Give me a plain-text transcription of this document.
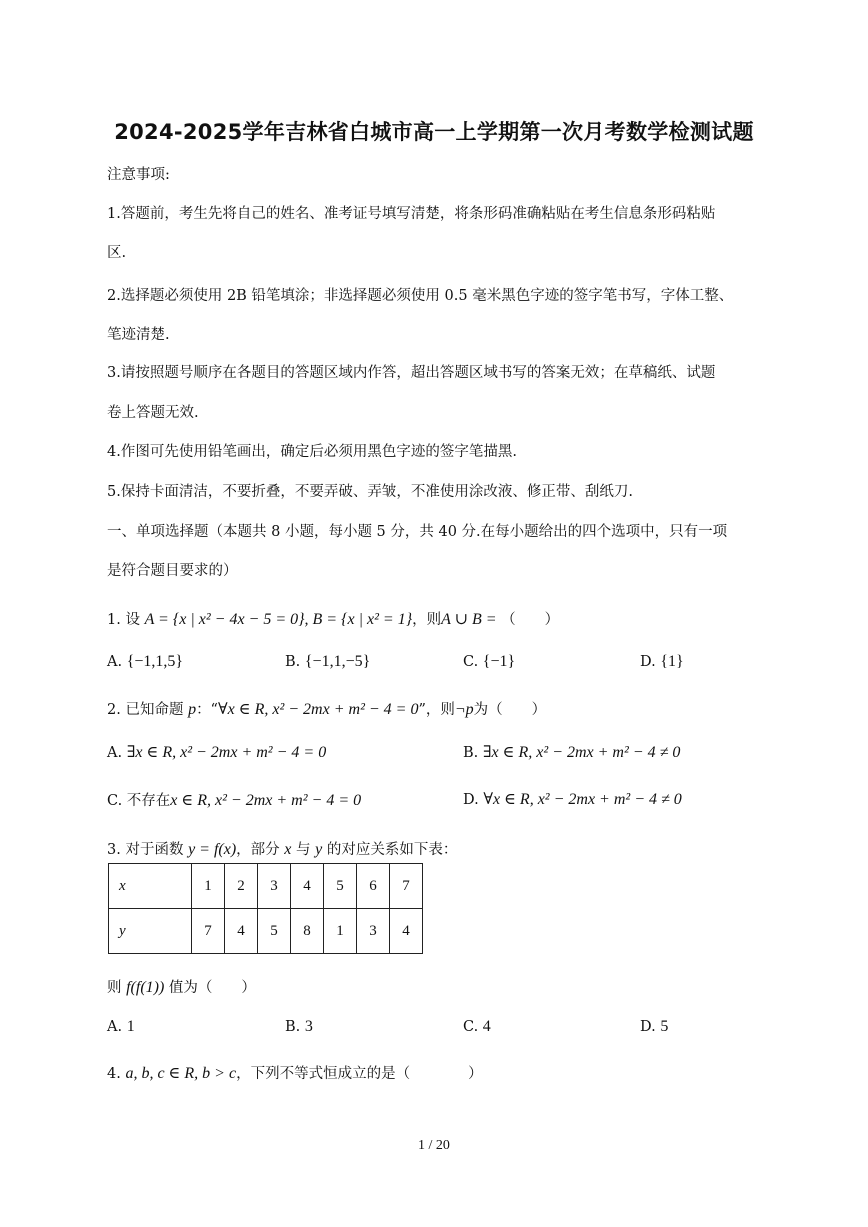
2024-2025学年吉林省白城市高一上学期第一次月考数学检测试题
注意事项:
1.答题前，考生先将自己的姓名、准考证号填写清楚，将条形码准确粘贴在考生信息条形码粘贴
区.
2.选择题必须使用 2B 铅笔填涂；非选择题必须使用 0.5 毫米黑色字迹的签字笔书写，字体工整、
笔迹清楚.
3.请按照题号顺序在各题目的答题区域内作答，超出答题区域书写的答案无效；在草稿纸、试题
卷上答题无效.
4.作图可先使用铅笔画出，确定后必须用黑色字迹的签字笔描黑.
5.保持卡面清洁，不要折叠，不要弄破、弄皱，不准使用涂改液、修正带、刮纸刀.
一、单项选择题（本题共 8 小题，每小题 5 分，共 40 分.在每小题给出的四个选项中，只有一项
是符合题目要求的）
1. 设 A = {x | x² − 4x − 5 = 0}, B = {x | x² = 1}，则A ∪ B = （　　）
A. {−1,1,5}	B. {−1,1,−5}	C. {−1}	D. {1}
2. 已知命题 p：“∀x ∈ R, x² − 2mx + m² − 4 = 0”，则¬p为（　　）
A. ∃x ∈ R, x² − 2mx + m² − 4 = 0	B. ∃x ∈ R, x² − 2mx + m² − 4 ≠ 0
C. 不存在x ∈ R, x² − 2mx + m² − 4 = 0	D. ∀x ∈ R, x² − 2mx + m² − 4 ≠ 0
3. 对于函数 y = f(x)，部分 x 与 y 的对应关系如下表：
x	1	2	3	4	5	6	7
y	7	4	5	8	1	3	4
则 f(f(1)) 值为（　　）
A. 1	B. 3	C. 4	D. 5
4. a, b, c ∈ R, b > c，下列不等式恒成立的是（　　　　）
1 / 20
